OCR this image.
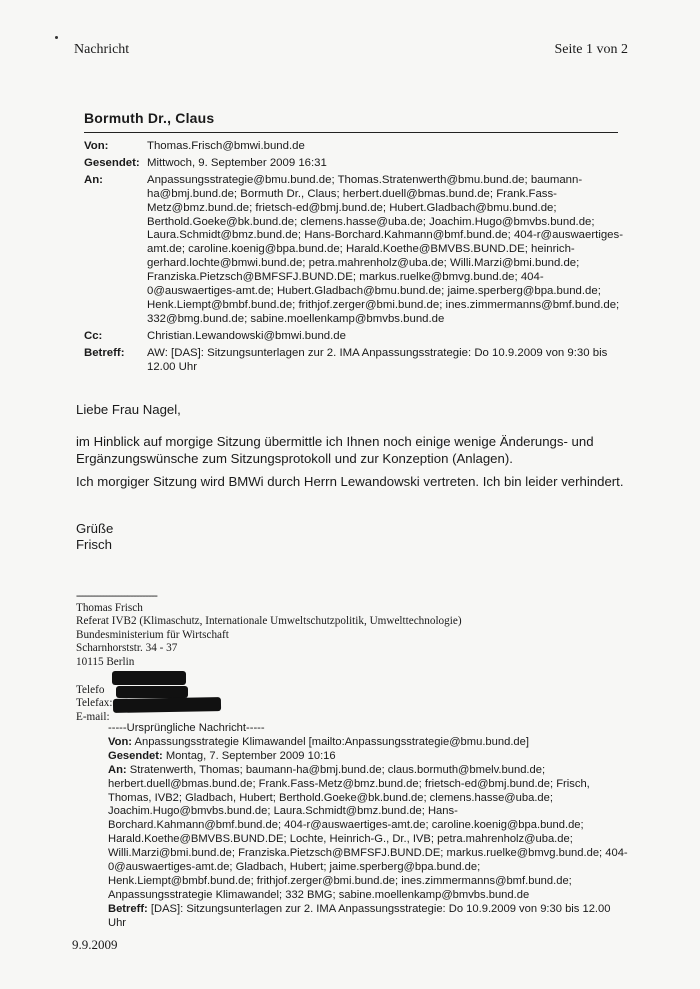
Nachricht	Seite 1 von 2
Bormuth Dr., Claus
Von:	Thomas.Frisch@bmwi.bund.de
Gesendet: Mittwoch, 9. September 2009 16:31
An:	Anpassungsstrategie@bmu.bund.de; Thomas.Stratenwerth@bmu.bund.de; baumann-ha@bmj.bund.de; Bormuth Dr., Claus; herbert.duell@bmas.bund.de; Frank.Fass-Metz@bmz.bund.de; frietsch-ed@bmj.bund.de; Hubert.Gladbach@bmu.bund.de; Berthold.Goeke@bk.bund.de; clemens.hasse@uba.de; Joachim.Hugo@bmvbs.bund.de; Laura.Schmidt@bmz.bund.de; Hans-Borchard.Kahmann@bmf.bund.de; 404-r@auswaertiges-amt.de; caroline.koenig@bpa.bund.de; Harald.Koethe@BMVBS.BUND.DE; heinrich-gerhard.lochte@bmwi.bund.de; petra.mahrenholz@uba.de; Willi.Marzi@bmi.bund.de; Franziska.Pietzsch@BMFSFJ.BUND.DE; markus.ruelke@bmvg.bund.de; 404-0@auswaertiges-amt.de; Hubert.Gladbach@bmu.bund.de; jaime.sperberg@bpa.bund.de; Henk.Liempt@bmbf.bund.de; frithjof.zerger@bmi.bund.de; ines.zimmermanns@bmf.bund.de; 332@bmg.bund.de; sabine.moellenkamp@bmvbs.bund.de
Cc:	Christian.Lewandowski@bmwi.bund.de
Betreff:	AW: [DAS]: Sitzungsunterlagen zur 2. IMA Anpassungsstrategie: Do 10.9.2009 von 9:30 bis 12.00 Uhr
Liebe Frau Nagel,
im Hinblick auf morgige Sitzung übermittle ich Ihnen noch einige wenige Änderungs- und Ergänzungswünsche zum Sitzungsprotokoll und zur Konzeption (Anlagen).
Ich morgiger Sitzung wird BMWi durch Herrn Lewandowski vertreten. Ich bin leider verhindert.
Grüße
Frisch
---------------------------
Thomas Frisch
Referat IVB2 (Klimaschutz, Internationale Umweltschutzpolitik, Umwelttechnologie)
Bundesministerium für Wirtschaft
Scharnhorststr. 34 - 37
10115 Berlin
Telefo
Telefax:
E-mail:
-----Ursprüngliche Nachricht-----
Von: Anpassungsstrategie Klimawandel [mailto:Anpassungsstrategie@bmu.bund.de]
Gesendet: Montag, 7. September 2009 10:16
An: Stratenwerth, Thomas; baumann-ha@bmj.bund.de; claus.bormuth@bmelv.bund.de; herbert.duell@bmas.bund.de; Frank.Fass-Metz@bmz.bund.de; frietsch-ed@bmj.bund.de; Frisch, Thomas, IVB2; Gladbach, Hubert; Berthold.Goeke@bk.bund.de; clemens.hasse@uba.de; Joachim.Hugo@bmvbs.bund.de; Laura.Schmidt@bmz.bund.de; Hans-Borchard.Kahmann@bmf.bund.de; 404-r@auswaertiges-amt.de; caroline.koenig@bpa.bund.de; Harald.Koethe@BMVBS.BUND.DE; Lochte, Heinrich-G., Dr., IVB; petra.mahrenholz@uba.de; Willi.Marzi@bmi.bund.de; Franziska.Pietzsch@BMFSFJ.BUND.DE; markus.ruelke@bmvg.bund.de; 404-0@auswaertiges-amt.de; Gladbach, Hubert; jaime.sperberg@bpa.bund.de; Henk.Liempt@bmbf.bund.de; frithjof.zerger@bmi.bund.de; ines.zimmermanns@bmf.bund.de; Anpassungsstrategie Klimawandel; 332 BMG; sabine.moellenkamp@bmvbs.bund.de
Betreff: [DAS]: Sitzungsunterlagen zur 2. IMA Anpassungsstrategie: Do 10.9.2009 von 9:30 bis 12.00 Uhr
9.9.2009
